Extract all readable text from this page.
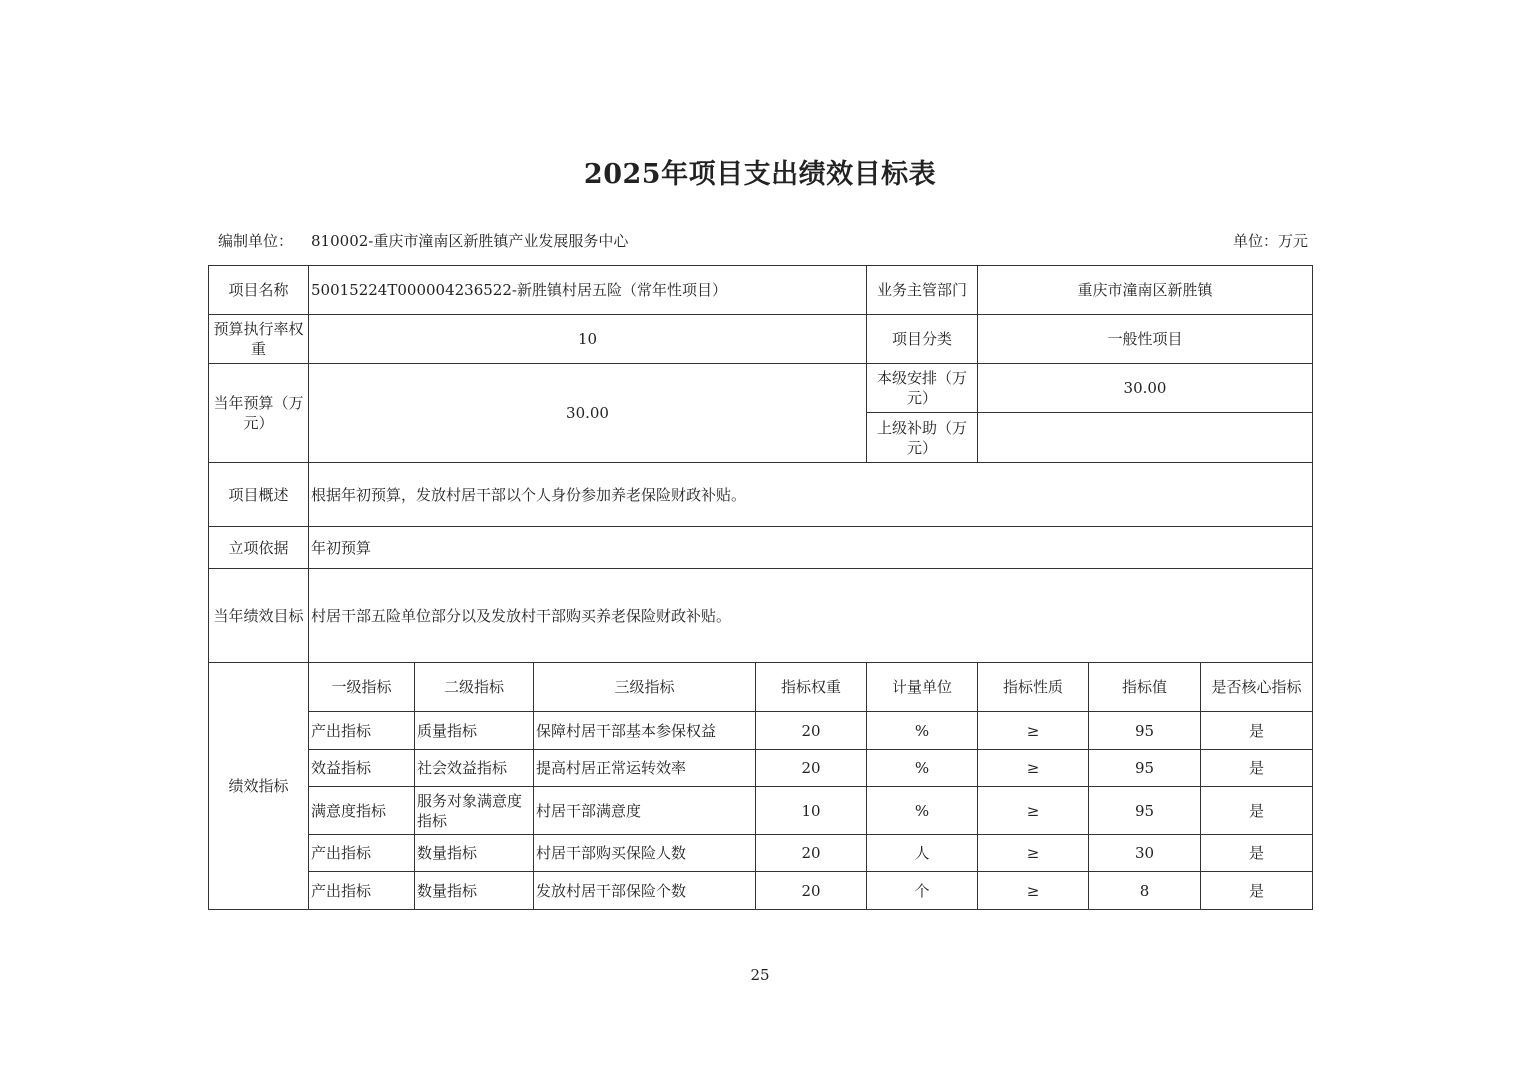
2025年项目支出绩效目标表
编制单位： 810002-重庆市潼南区新胜镇产业发展服务中心	单位：万元
项目名称	50015224T000004236522-新胜镇村居五险（常年性项目）				业务主管部门	重庆市潼南区新胜镇		
预算执行率权重	10				项目分类	一般性项目		
当年预算（万元）	30.00				本级安排（万元）	30.00		
					上级补助（万元）			
项目概述	根据年初预算，发放村居干部以个人身份参加养老保险财政补贴。							
立项依据	年初预算							
当年绩效目标	村居干部五险单位部分以及发放村干部购买养老保险财政补贴。							
绩效指标	一级指标	二级指标	三级指标	指标权重	计量单位	指标性质	指标值	是否核心指标
	产出指标	质量指标	保障村居干部基本参保权益	20	%	≥	95	是
	效益指标	社会效益指标	提高村居正常运转效率	20	%	≥	95	是
	满意度指标	服务对象满意度指标	村居干部满意度	10	%	≥	95	是
	产出指标	数量指标	村居干部购买保险人数	20	人	≥	30	是
	产出指标	数量指标	发放村居干部保险个数	20	个	≥	8	是
25
